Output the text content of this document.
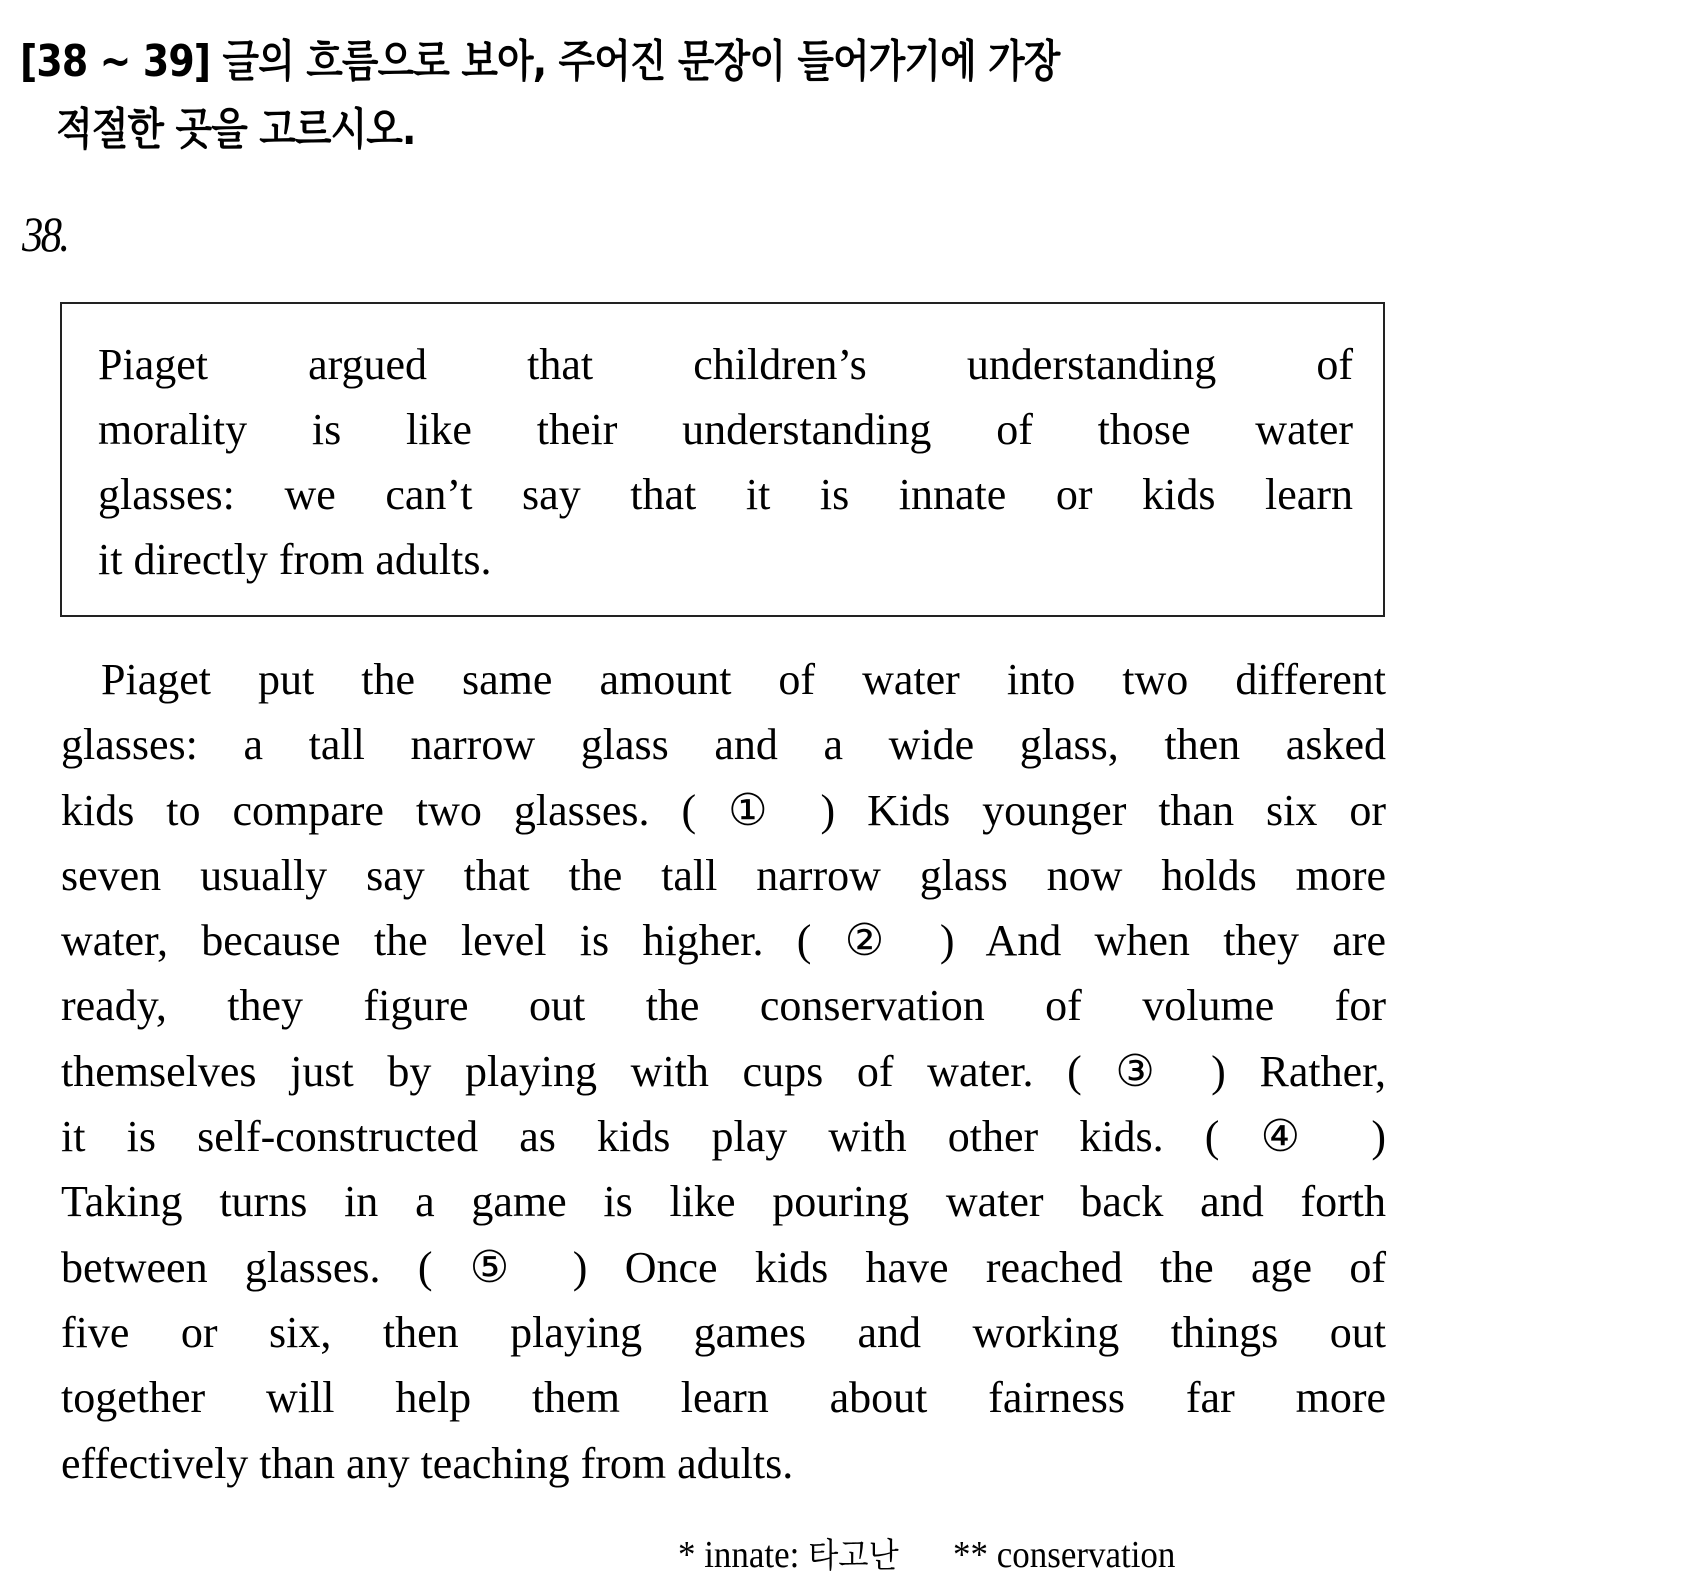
[38 ~ 39] 글의 흐름으로 보아, 주어진 문장이 들어가기에 가장
적절한 곳을 고르시오.
38.
Piaget argued that children’s understanding of
morality is like their understanding of those water
glasses: we can’t say that it is innate or kids learn
it directly from adults.
Piaget put the same amount of water into two different
glasses: a tall narrow glass and a wide glass, then asked
kids to compare two glasses. ( ① ) Kids younger than six or
seven usually say that the tall narrow glass now holds more
water, because the level is higher. ( ② ) And when they are
ready, they figure out the conservation of volume for
themselves just by playing with cups of water. ( ③ ) Rather,
it is self-constructed as kids play with other kids. ( ④ )
Taking turns in a game is like pouring water back and forth
between glasses. ( ⑤ ) Once kids have reached the age of
five or six, then playing games and working things out
together will help them learn about fairness far more
effectively than any teaching from adults.
* innate: 타고난 ** conservation
